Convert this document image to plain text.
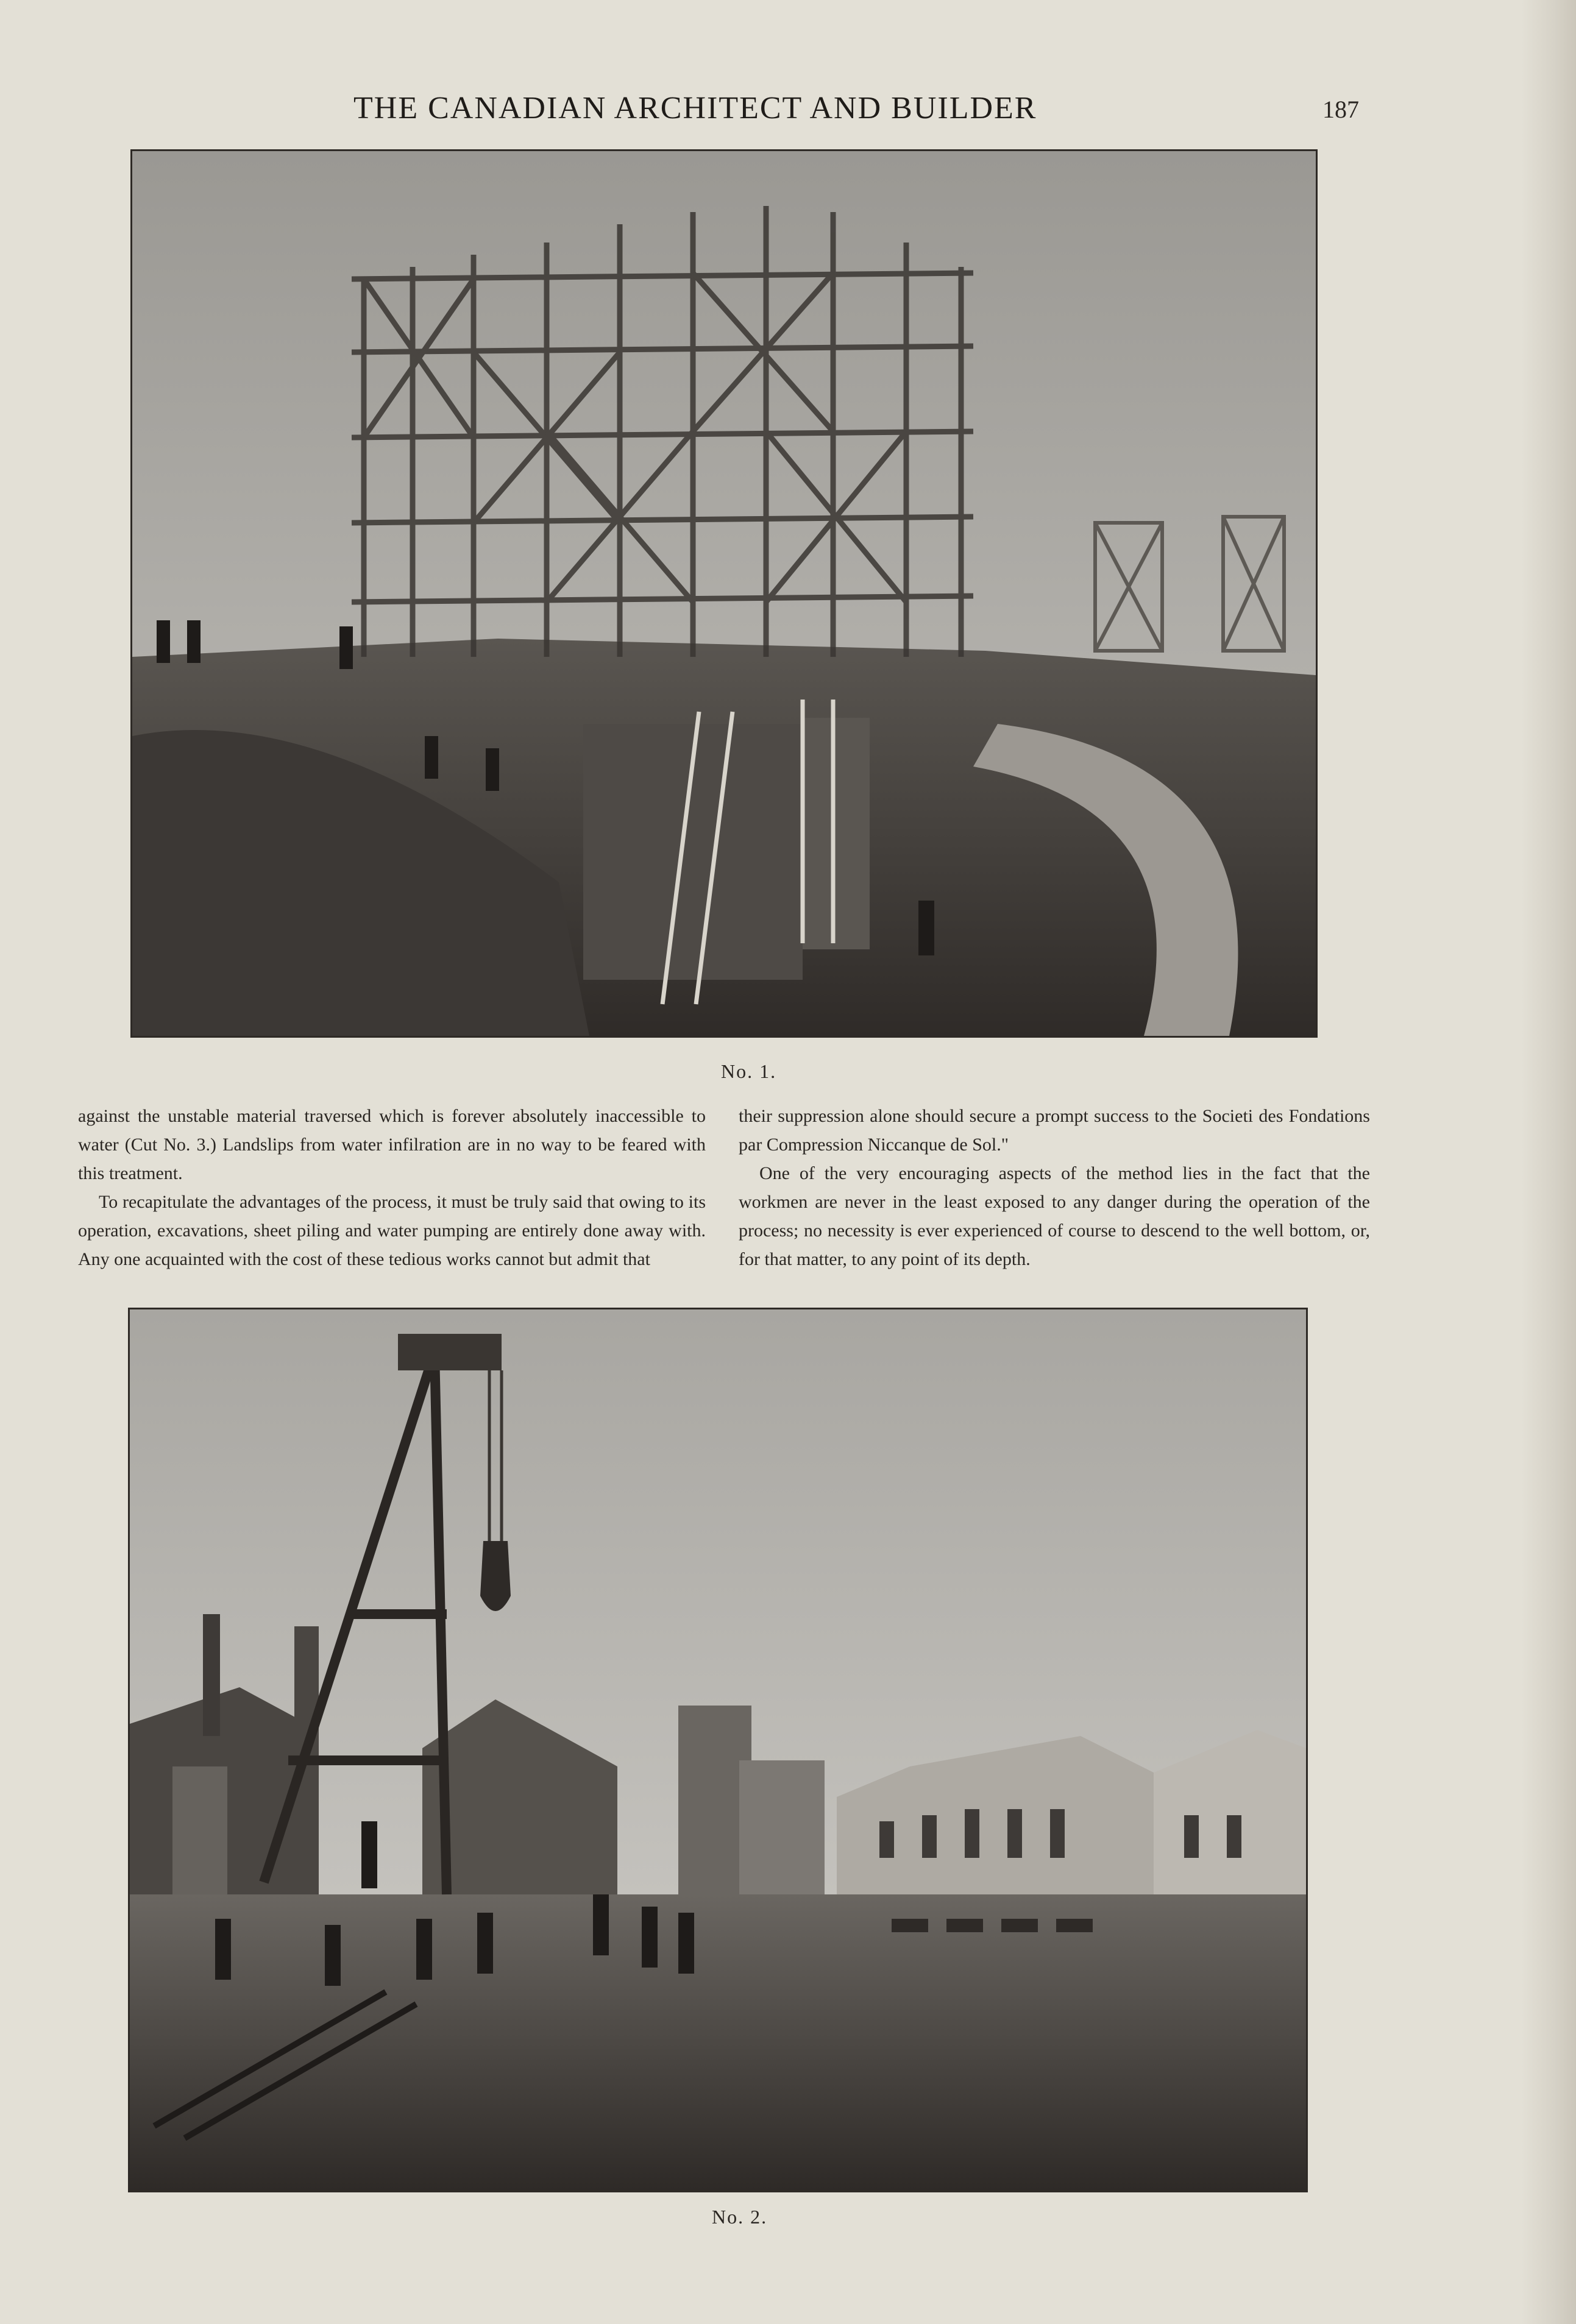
THE CANADIAN ARCHITECT AND BUILDER	187
No. 1.

against the unstable material traversed which is forever absolutely inaccessible to water (Cut No. 3.) Landslips from water infilration are in no way to be feared with this treatment.

To recapitulate the advantages of the process, it must be truly said that owing to its operation, excavations, sheet piling and water pumping are entirely done away with. Any one acquainted with the cost of these tedious works cannot but admit that

their suppression alone should secure a prompt success to the Societi des Fondations par Compression Niccanque de Sol."

One of the very encouraging aspects of the method lies in the fact that the workmen are never in the least exposed to any danger during the operation of the process; no necessity is ever experienced of course to descend to the well bottom, or, for that matter, to any point of its depth.

No. 2.
